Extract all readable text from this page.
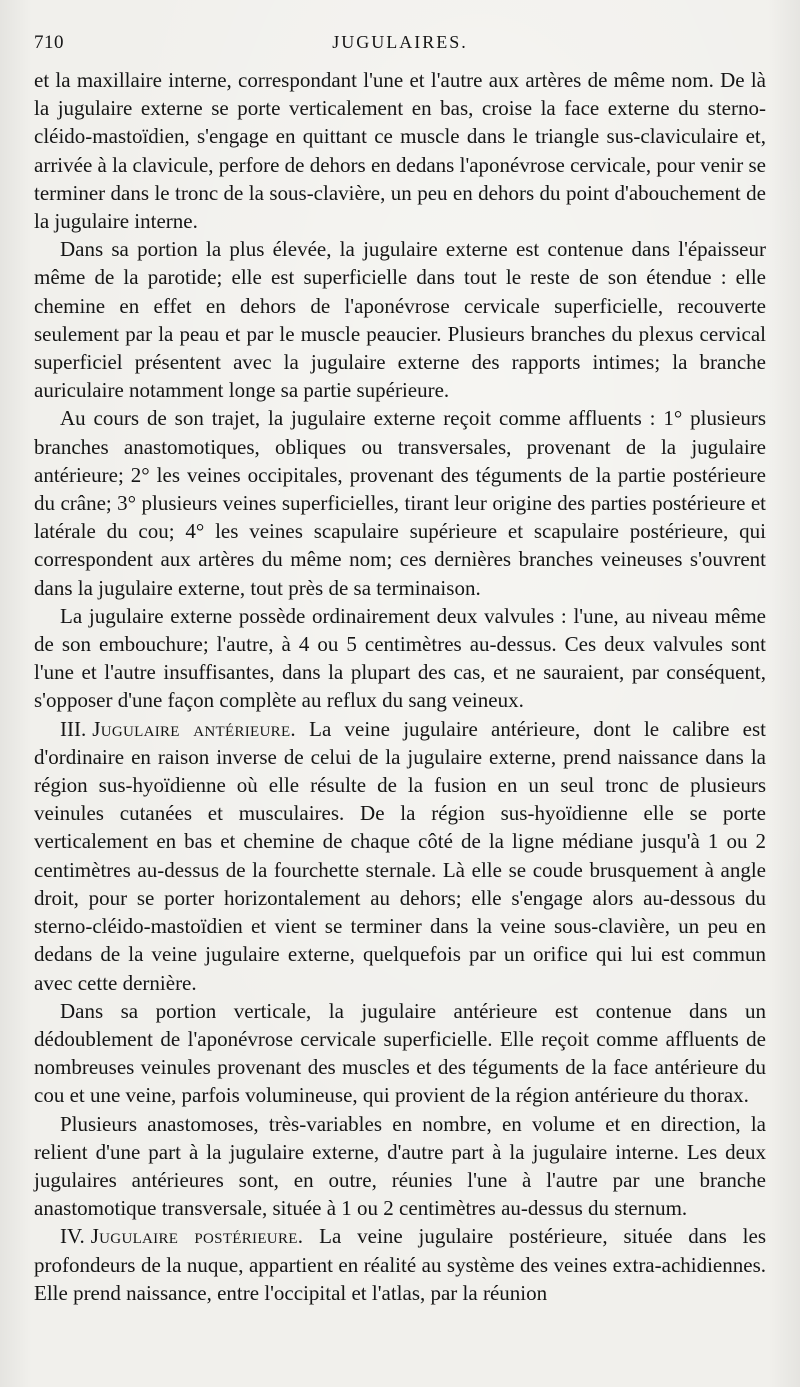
710	JUGULAIRES.

et la maxillaire interne, correspondant l'une et l'autre aux artères de même nom. De là la jugulaire externe se porte verticalement en bas, croise la face externe du sterno-cléido-mastoïdien, s'engage en quittant ce muscle dans le triangle sus-claviculaire et, arrivée à la clavicule, perfore de dehors en dedans l'aponévrose cervicale, pour venir se terminer dans le tronc de la sous-clavière, un peu en dehors du point d'abouchement de la jugulaire interne.

Dans sa portion la plus élevée, la jugulaire externe est contenue dans l'épaisseur même de la parotide; elle est superficielle dans tout le reste de son étendue : elle chemine en effet en dehors de l'aponévrose cervicale superficielle, recouverte seulement par la peau et par le muscle peaucier. Plusieurs branches du plexus cervical superficiel présentent avec la jugulaire externe des rapports intimes; la branche auriculaire notamment longe sa partie supérieure.

Au cours de son trajet, la jugulaire externe reçoit comme affluents : 1° plusieurs branches anastomotiques, obliques ou transversales, provenant de la jugulaire antérieure; 2° les veines occipitales, provenant des téguments de la partie postérieure du crâne; 3° plusieurs veines superficielles, tirant leur origine des parties postérieure et latérale du cou; 4° les veines scapulaire supérieure et scapulaire postérieure, qui correspondent aux artères du même nom; ces dernières branches veineuses s'ouvrent dans la jugulaire externe, tout près de sa terminaison.

La jugulaire externe possède ordinairement deux valvules : l'une, au niveau même de son embouchure; l'autre, à 4 ou 5 centimètres au-dessus. Ces deux valvules sont l'une et l'autre insuffisantes, dans la plupart des cas, et ne sauraient, par conséquent, s'opposer d'une façon complète au reflux du sang veineux.

III. Jugulaire antérieure. La veine jugulaire antérieure, dont le calibre est d'ordinaire en raison inverse de celui de la jugulaire externe, prend naissance dans la région sus-hyoïdienne où elle résulte de la fusion en un seul tronc de plusieurs veinules cutanées et musculaires. De la région sus-hyoïdienne elle se porte verticalement en bas et chemine de chaque côté de la ligne médiane jusqu'à 1 ou 2 centimètres au-dessus de la fourchette sternale. Là elle se coude brusquement à angle droit, pour se porter horizontalement au dehors; elle s'engage alors au-dessous du sterno-cléido-mastoïdien et vient se terminer dans la veine sous-clavière, un peu en dedans de la veine jugulaire externe, quelquefois par un orifice qui lui est commun avec cette dernière.

Dans sa portion verticale, la jugulaire antérieure est contenue dans un dédoublement de l'aponévrose cervicale superficielle. Elle reçoit comme affluents de nombreuses veinules provenant des muscles et des téguments de la face antérieure du cou et une veine, parfois volumineuse, qui provient de la région antérieure du thorax.

Plusieurs anastomoses, très-variables en nombre, en volume et en direction, la relient d'une part à la jugulaire externe, d'autre part à la jugulaire interne. Les deux jugulaires antérieures sont, en outre, réunies l'une à l'autre par une branche anastomotique transversale, située à 1 ou 2 centimètres au-dessus du sternum.

IV. Jugulaire postérieure. La veine jugulaire postérieure, située dans les profondeurs de la nuque, appartient en réalité au système des veines extra-achidiennes. Elle prend naissance, entre l'occipital et l'atlas, par la réunion
